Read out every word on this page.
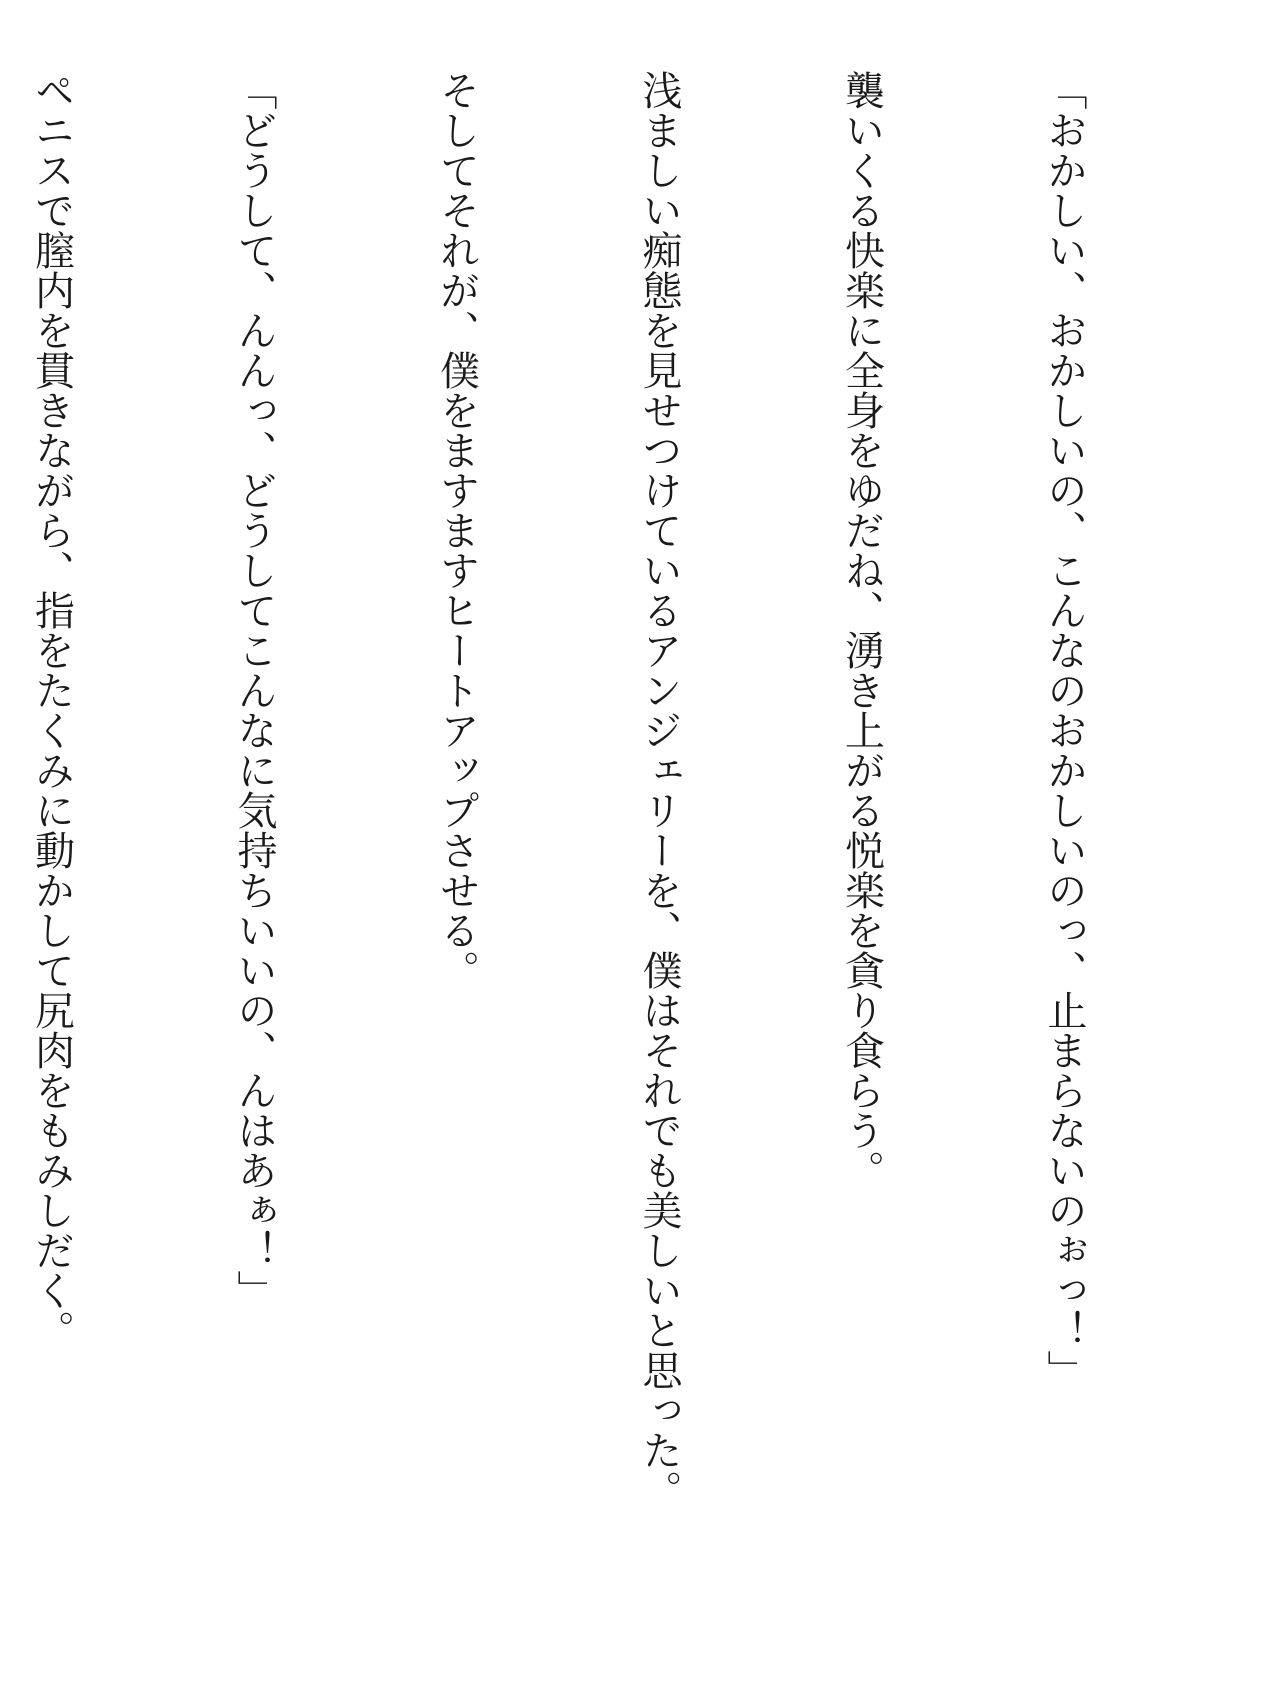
「おかしい、おかしいの、こんなのおかしいのっ、止まらないのぉっ！」

襲いくる快楽に全身をゆだね、湧き上がる悦楽を貪り食らう。

浅ましい痴態を見せつけているアンジェリーを、僕はそれでも美しいと思った。

そしてそれが、僕をますますヒートアップさせる。

「どうして、んんっ、どうしてこんなに気持ちいいの、んはあぁ！」

ペニスで膣内を貫きながら、指をたくみに動かして尻肉をもみしだく。
